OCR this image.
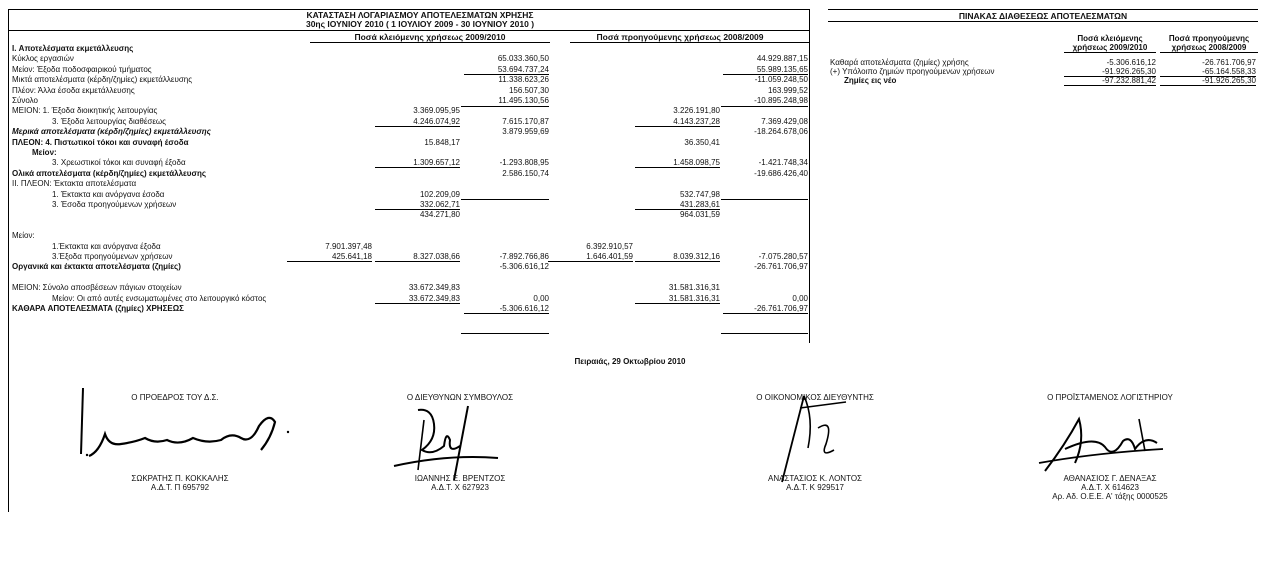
ΚΑΤΑΣΤΑΣΗ ΛΟΓΑΡΙΑΣΜΟΥ ΑΠΟΤΕΛΕΣΜΑΤΩΝ ΧΡΗΣΗΣ
30ης ΙΟΥΝΙΟΥ 2010 ( 1 ΙΟΥΛΙΟΥ 2009 - 30 ΙΟΥΝΙΟΥ 2010 )
Ποσά κλειόμενης χρήσεως 2009/2010	Ποσά προηγούμενης χρήσεως 2008/2009
I. Αποτελέσματα εκμετάλλευσης
Κύκλος εργασιών	65.033.360,50	44.929.887,15
Μείον: Έξοδα ποδοσφαιρικού τμήματος	53.694.737,24	55.989.135,65
Μικτά αποτελέσματα (κέρδη/ζημίες) εκμετάλλευσης	11.338.623,26	-11.059.248,50
Πλέον: Άλλα έσοδα εκμετάλλευσης	156.507,30	163.999,52
Σύνολο	11.495.130,56	-10.895.248,98
ΜΕΙΟΝ: 1. Έξοδα διοικητικής λειτουργίας	3.369.095,95	3.226.191,80
3. Έξοδα λειτουργίας διαθέσεως	4.246.074,92	7.615.170,87	4.143.237,28	7.369.429,08
Μερικά αποτελέσματα (κέρδη/ζημίες) εκμετάλλευσης	3.879.959,69	-18.264.678,06
ΠΛΕΟΝ: 4. Πιστωτικοί τόκοι και συναφή έσοδα	15.848,17	36.350,41
Μείον:
3. Χρεωστικοί τόκοι και συναφή έξοδα	1.309.657,12	-1.293.808,95	1.458.098,75	-1.421.748,34
Ολικά αποτελέσματα (κέρδη/ζημίες) εκμετάλλευσης	2.586.150,74	-19.686.426,40
II. ΠΛΕΟΝ: Έκτακτα αποτελέσματα
1. Έκτακτα και ανόργανα έσοδα	102.209,09	532.747,98
3. Έσοδα προηγούμενων χρήσεων	332.062,71	431.283,61
434.271,80	964.031,59
Μείον:
1.Έκτακτα και ανόργανα έξοδα	7.901.397,48	6.392.910,57
3.Έξοδα προηγούμενων χρήσεων	425.641,18	8.327.038,66	-7.892.766,86	1.646.401,59	8.039.312,16	-7.075.280,57
Οργανικά και έκτακτα αποτελέσματα (ζημίες)	-5.306.616,12	-26.761.706,97
ΜΕΙΟΝ: Σύνολο αποσβέσεων πάγιων στοιχείων	33.672.349,83	31.581.316,31
Μείον: Οι από αυτές ενσωματωμένες στο λειτουργικό κόστος	33.672.349,83	0,00	31.581.316,31	0,00
ΚΑΘΑΡΑ ΑΠΟΤΕΛΕΣΜΑΤΑ (ζημίες) ΧΡΗΣΕΩΣ	-5.306.616,12	-26.761.706,97
ΠΙΝΑΚΑΣ ΔΙΑΘΕΣΕΩΣ ΑΠΟΤΕΛΕΣΜΑΤΩΝ
Ποσά κλειόμενης
χρήσεως 2009/2010
Ποσά προηγούμενης
χρήσεως 2008/2009
Καθαρά αποτελέσματα (ζημίες) χρήσης	-5.306.616,12	-26.761.706,97
(+) Υπόλοιπο ζημιών προηγούμενων χρήσεων	-91.926.265,30	-65.164.558,33
Ζημίες εις νέο	-97.232.881,42	-91.926.265,30
Πειραιάς, 29 Οκτωβρίου 2010
Ο ΠΡΟΕΔΡΟΣ ΤΟΥ Δ.Σ.
ΣΩΚΡΑΤΗΣ Π. ΚΟΚΚΑΛΗΣ
Α.Δ.Τ. Π 695792
Ο ΔΙΕΥΘΥΝΩΝ ΣΥΜΒΟΥΛΟΣ
ΙΩΑΝΝΗΣ Ε. ΒΡΕΝΤΖΟΣ
Α.Δ.Τ. Χ 627923
Ο ΟΙΚΟΝΟΜΙΚΟΣ ΔΙΕΥΘΥΝΤΗΣ
ΑΝΑΣΤΑΣΙΟΣ Κ. ΛΟΝΤΟΣ
Α.Δ.Τ. Κ 929517
Ο ΠΡΟΪΣΤΑΜΕΝΟΣ ΛΟΓΙΣΤΗΡΙΟΥ
ΑΘΑΝΑΣΙΟΣ Γ. ΔΕΝΑΞΑΣ
Α.Δ.Τ. Χ 614623
Αρ. Αδ. Ο.Ε.Ε. Α' τάξης 0000525
